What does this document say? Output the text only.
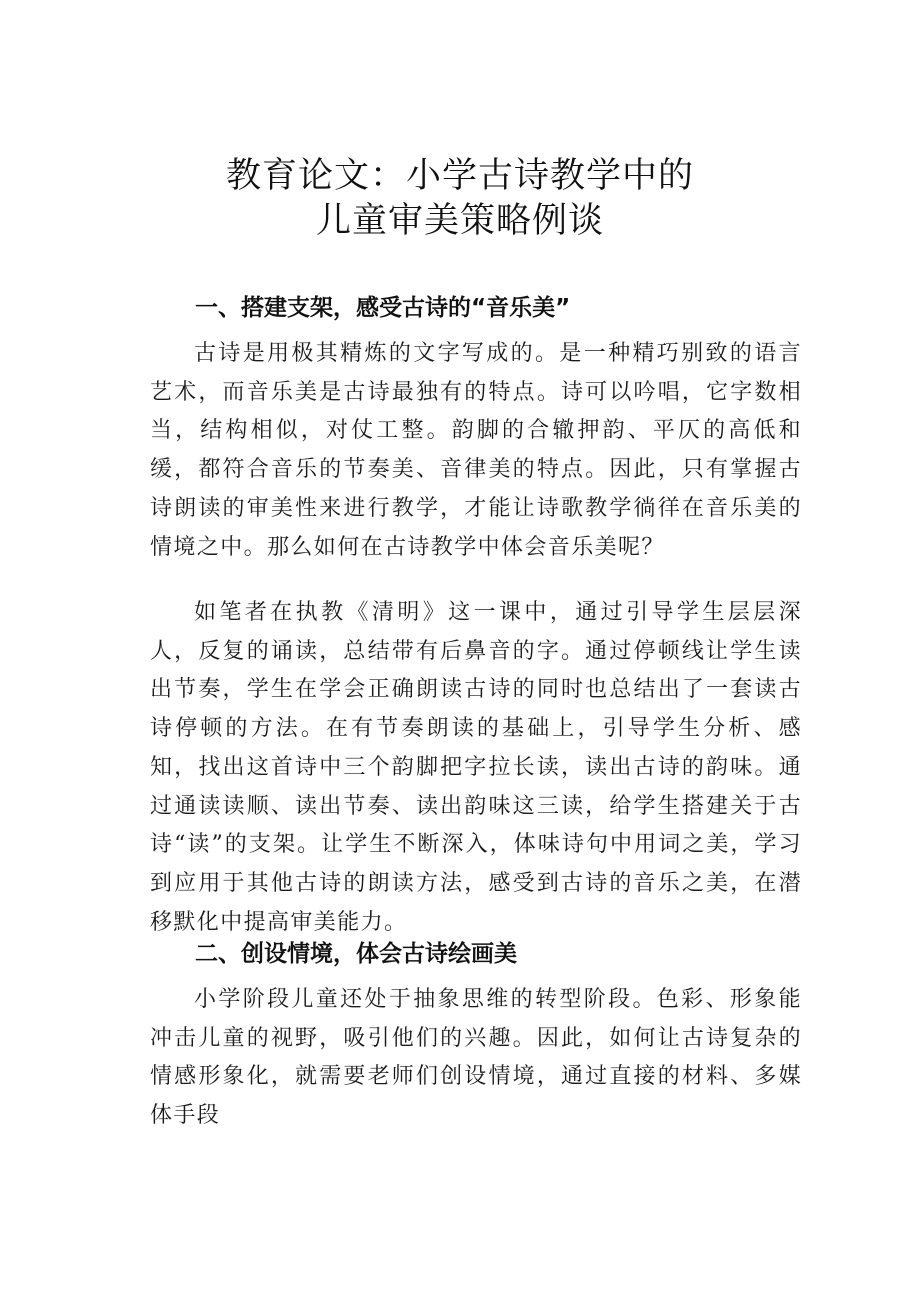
教育论文：小学古诗教学中的
儿童审美策略例谈
一、搭建支架，感受古诗的“音乐美”

古诗是用极其精炼的文字写成的。是一种精巧别致的语言艺术，而音乐美是古诗最独有的特点。诗可以吟唱，它字数相当，结构相似，对仗工整。韵脚的合辙押韵、平仄的高低和缓，都符合音乐的节奏美、音律美的特点。因此，只有掌握古诗朗读的审美性来进行教学，才能让诗歌教学徜徉在音乐美的情境之中。那么如何在古诗教学中体会音乐美呢？

如笔者在执教《清明》这一课中，通过引导学生层层深人，反复的诵读，总结带有后鼻音的字。通过停顿线让学生读出节奏，学生在学会正确朗读古诗的同时也总结出了一套读古诗停顿的方法。在有节奏朗读的基础上，引导学生分析、感知，找出这首诗中三个韵脚把字拉长读，读出古诗的韵味。通过通读读顺、读出节奏、读出韵味这三读，给学生搭建关于古诗“读”的支架。让学生不断深入，体味诗句中用词之美，学习到应用于其他古诗的朗读方法，感受到古诗的音乐之美，在潜移默化中提高审美能力。

二、创设情境，体会古诗绘画美

小学阶段儿童还处于抽象思维的转型阶段。色彩、形象能冲击儿童的视野，吸引他们的兴趣。因此，如何让古诗复杂的情感形象化，就需要老师们创设情境，通过直接的材料、多媒体手段
